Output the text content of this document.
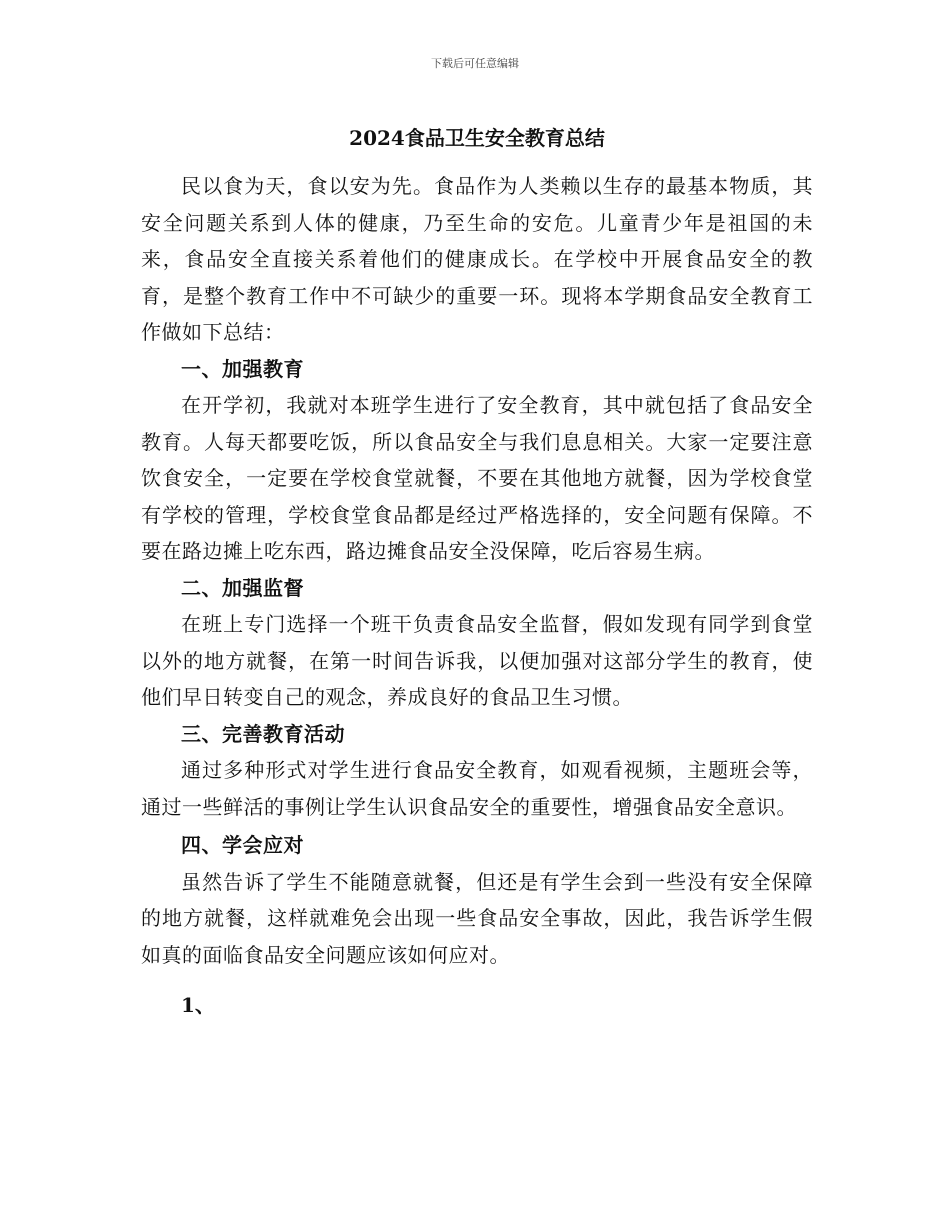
下载后可任意编辑
2024食品卫生安全教育总结

民以食为天，食以安为先。食品作为人类赖以生存的最基本物质，其安全问题关系到人体的健康，乃至生命的安危。儿童青少年是祖国的未来，食品安全直接关系着他们的健康成长。在学校中开展食品安全的教育，是整个教育工作中不可缺少的重要一环。现将本学期食品安全教育工作做如下总结：

一、加强教育

在开学初，我就对本班学生进行了安全教育，其中就包括了食品安全教育。人每天都要吃饭，所以食品安全与我们息息相关。大家一定要注意饮食安全，一定要在学校食堂就餐，不要在其他地方就餐，因为学校食堂有学校的管理，学校食堂食品都是经过严格选择的，安全问题有保障。不要在路边摊上吃东西，路边摊食品安全没保障，吃后容易生病。

二、加强监督

在班上专门选择一个班干负责食品安全监督，假如发现有同学到食堂以外的地方就餐，在第一时间告诉我，以便加强对这部分学生的教育，使他们早日转变自己的观念，养成良好的食品卫生习惯。

三、完善教育活动

通过多种形式对学生进行食品安全教育，如观看视频，主题班会等，通过一些鲜活的事例让学生认识食品安全的重要性，增强食品安全意识。

四、学会应对

虽然告诉了学生不能随意就餐，但还是有学生会到一些没有安全保障的地方就餐，这样就难免会出现一些食品安全事故，因此，我告诉学生假如真的面临食品安全问题应该如何应对。

1、
